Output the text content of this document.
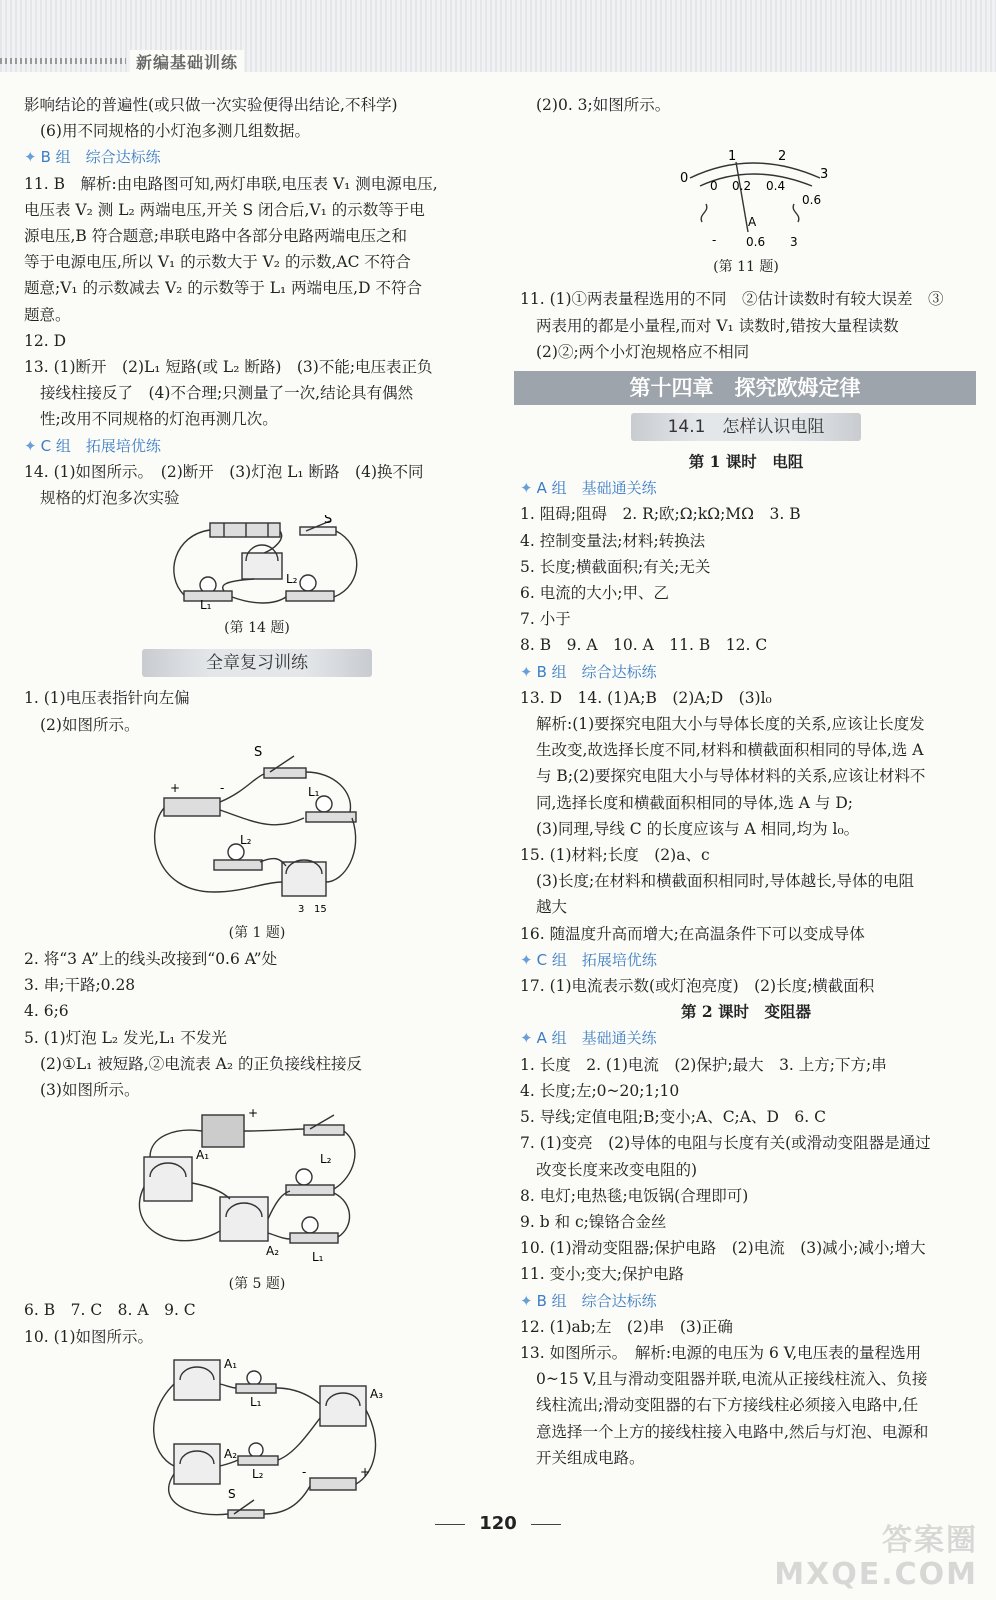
新编基础训练
影响结论的普遍性(或只做一次实验便得出结论,不科学)
(6)用不同规格的小灯泡多测几组数据。
✦ B 组　综合达标练
11. B　解析:由电路图可知,两灯串联,电压表 V₁ 测电源电压,
电压表 V₂ 测 L₂ 两端电压,开关 S 闭合后,V₁ 的示数等于电
源电压,B 符合题意;串联电路中各部分电路两端电压之和
等于电源电压,所以 V₁ 的示数大于 V₂ 的示数,AC 不符合
题意;V₁ 的示数减去 V₂ 的示数等于 L₁ 两端电压,D 不符合
题意。
12. D
13. (1)断开　(2)L₁ 短路(或 L₂ 断路)　(3)不能;电压表正负
接线柱接反了　(4)不合理;只测量了一次,结论具有偶然
性;改用不同规格的灯泡再测几次。
✦ C 组　拓展培优练
14. (1)如图所示。　(2)断开　(3)灯泡 L₁ 断路　(4)换不同
规格的灯泡多次实验
S
L₁
L₂
(第 14 题)
全章复习训练
1. (1)电压表指针向左偏
(2)如图所示。
S
L₁
L₂
-
+
3 15
(第 1 题)
2. 将“3 A”上的线头改接到“0.6 A”处
3. 串;干路;0.28
4. 6;6
5. (1)灯泡 L₂ 发光,L₁ 不发光
(2)①L₁ 被短路,②电流表 A₂ 的正负接线柱接反
(3)如图所示。
A₁
A₂	L₁
L₂
+
(第 5 题)
6. B　7. C　8. A　9. C
10. (1)如图所示。
A₁
A₂
A₃
L₁
L₂
S
-	+
(2)0. 3;如图所示。
0
1	2
3
0 0.2 0.4
0.6
A
- 0.6 3
(第 11 题)
11. (1)①两表量程选用的不同　②估计读数时有较大误差　③
两表用的都是小量程,而对 V₁ 读数时,错按大量程读数
(2)②;两个小灯泡规格应不相同
第十四章　探究欧姆定律
14.1　怎样认识电阻
第 1 课时　电阻
✦ A 组　基础通关练
1. 阻碍;阻碍　2. R;欧;Ω;kΩ;MΩ　3. B
4. 控制变量法;材料;转换法
5. 长度;横截面积;有关;无关
6. 电流的大小;甲、乙
7. 小于
8. B　9. A　10. A　11. B　12. C
✦ B 组　综合达标练
13. D　14. (1)A;B　(2)A;D　(3)l₀
解析:(1)要探究电阻大小与导体长度的关系,应该让长度发
生改变,故选择长度不同,材料和横截面积相同的导体,选 A
与 B;(2)要探究电阻大小与导体材料的关系,应该让材料不
同,选择长度和横截面积相同的导体,选 A 与 D;
(3)同理,导线 C 的长度应该与 A 相同,均为 l₀。
15. (1)材料;长度　(2)a、c
(3)长度;在材料和横截面积相同时,导体越长,导体的电阻
越大
16. 随温度升高而增大;在高温条件下可以变成导体
✦ C 组　拓展培优练
17. (1)电流表示数(或灯泡亮度)　(2)长度;横截面积
第 2 课时　变阻器
✦ A 组　基础通关练
1. 长度　2. (1)电流　(2)保护;最大　3. 上方;下方;串
4. 长度;左;0~20;1;10
5. 导线;定值电阻;B;变小;A、C;A、D　6. C
7. (1)变亮　(2)导体的电阻与长度有关(或滑动变阻器是通过
改变长度来改变电阻的)
8. 电灯;电热毯;电饭锅(合理即可)
9. b 和 c;镍铬合金丝
10. (1)滑动变阻器;保护电路　(2)电流　(3)减小;减小;增大
11. 变小;变大;保护电路
✦ B 组　综合达标练
12. (1)ab;左　(2)串　(3)正确
13. 如图所示。　解析:电源的电压为 6 V,电压表的量程选用
0~15 V,且与滑动变阻器并联,电流从正接线柱流入、负接
线柱流出;滑动变阻器的右下方接线柱必须接入电路中,任
意选择一个上方的接线柱接入电路中,然后与灯泡、电源和
开关组成电路。
120	答案圈
MXQE.COM
